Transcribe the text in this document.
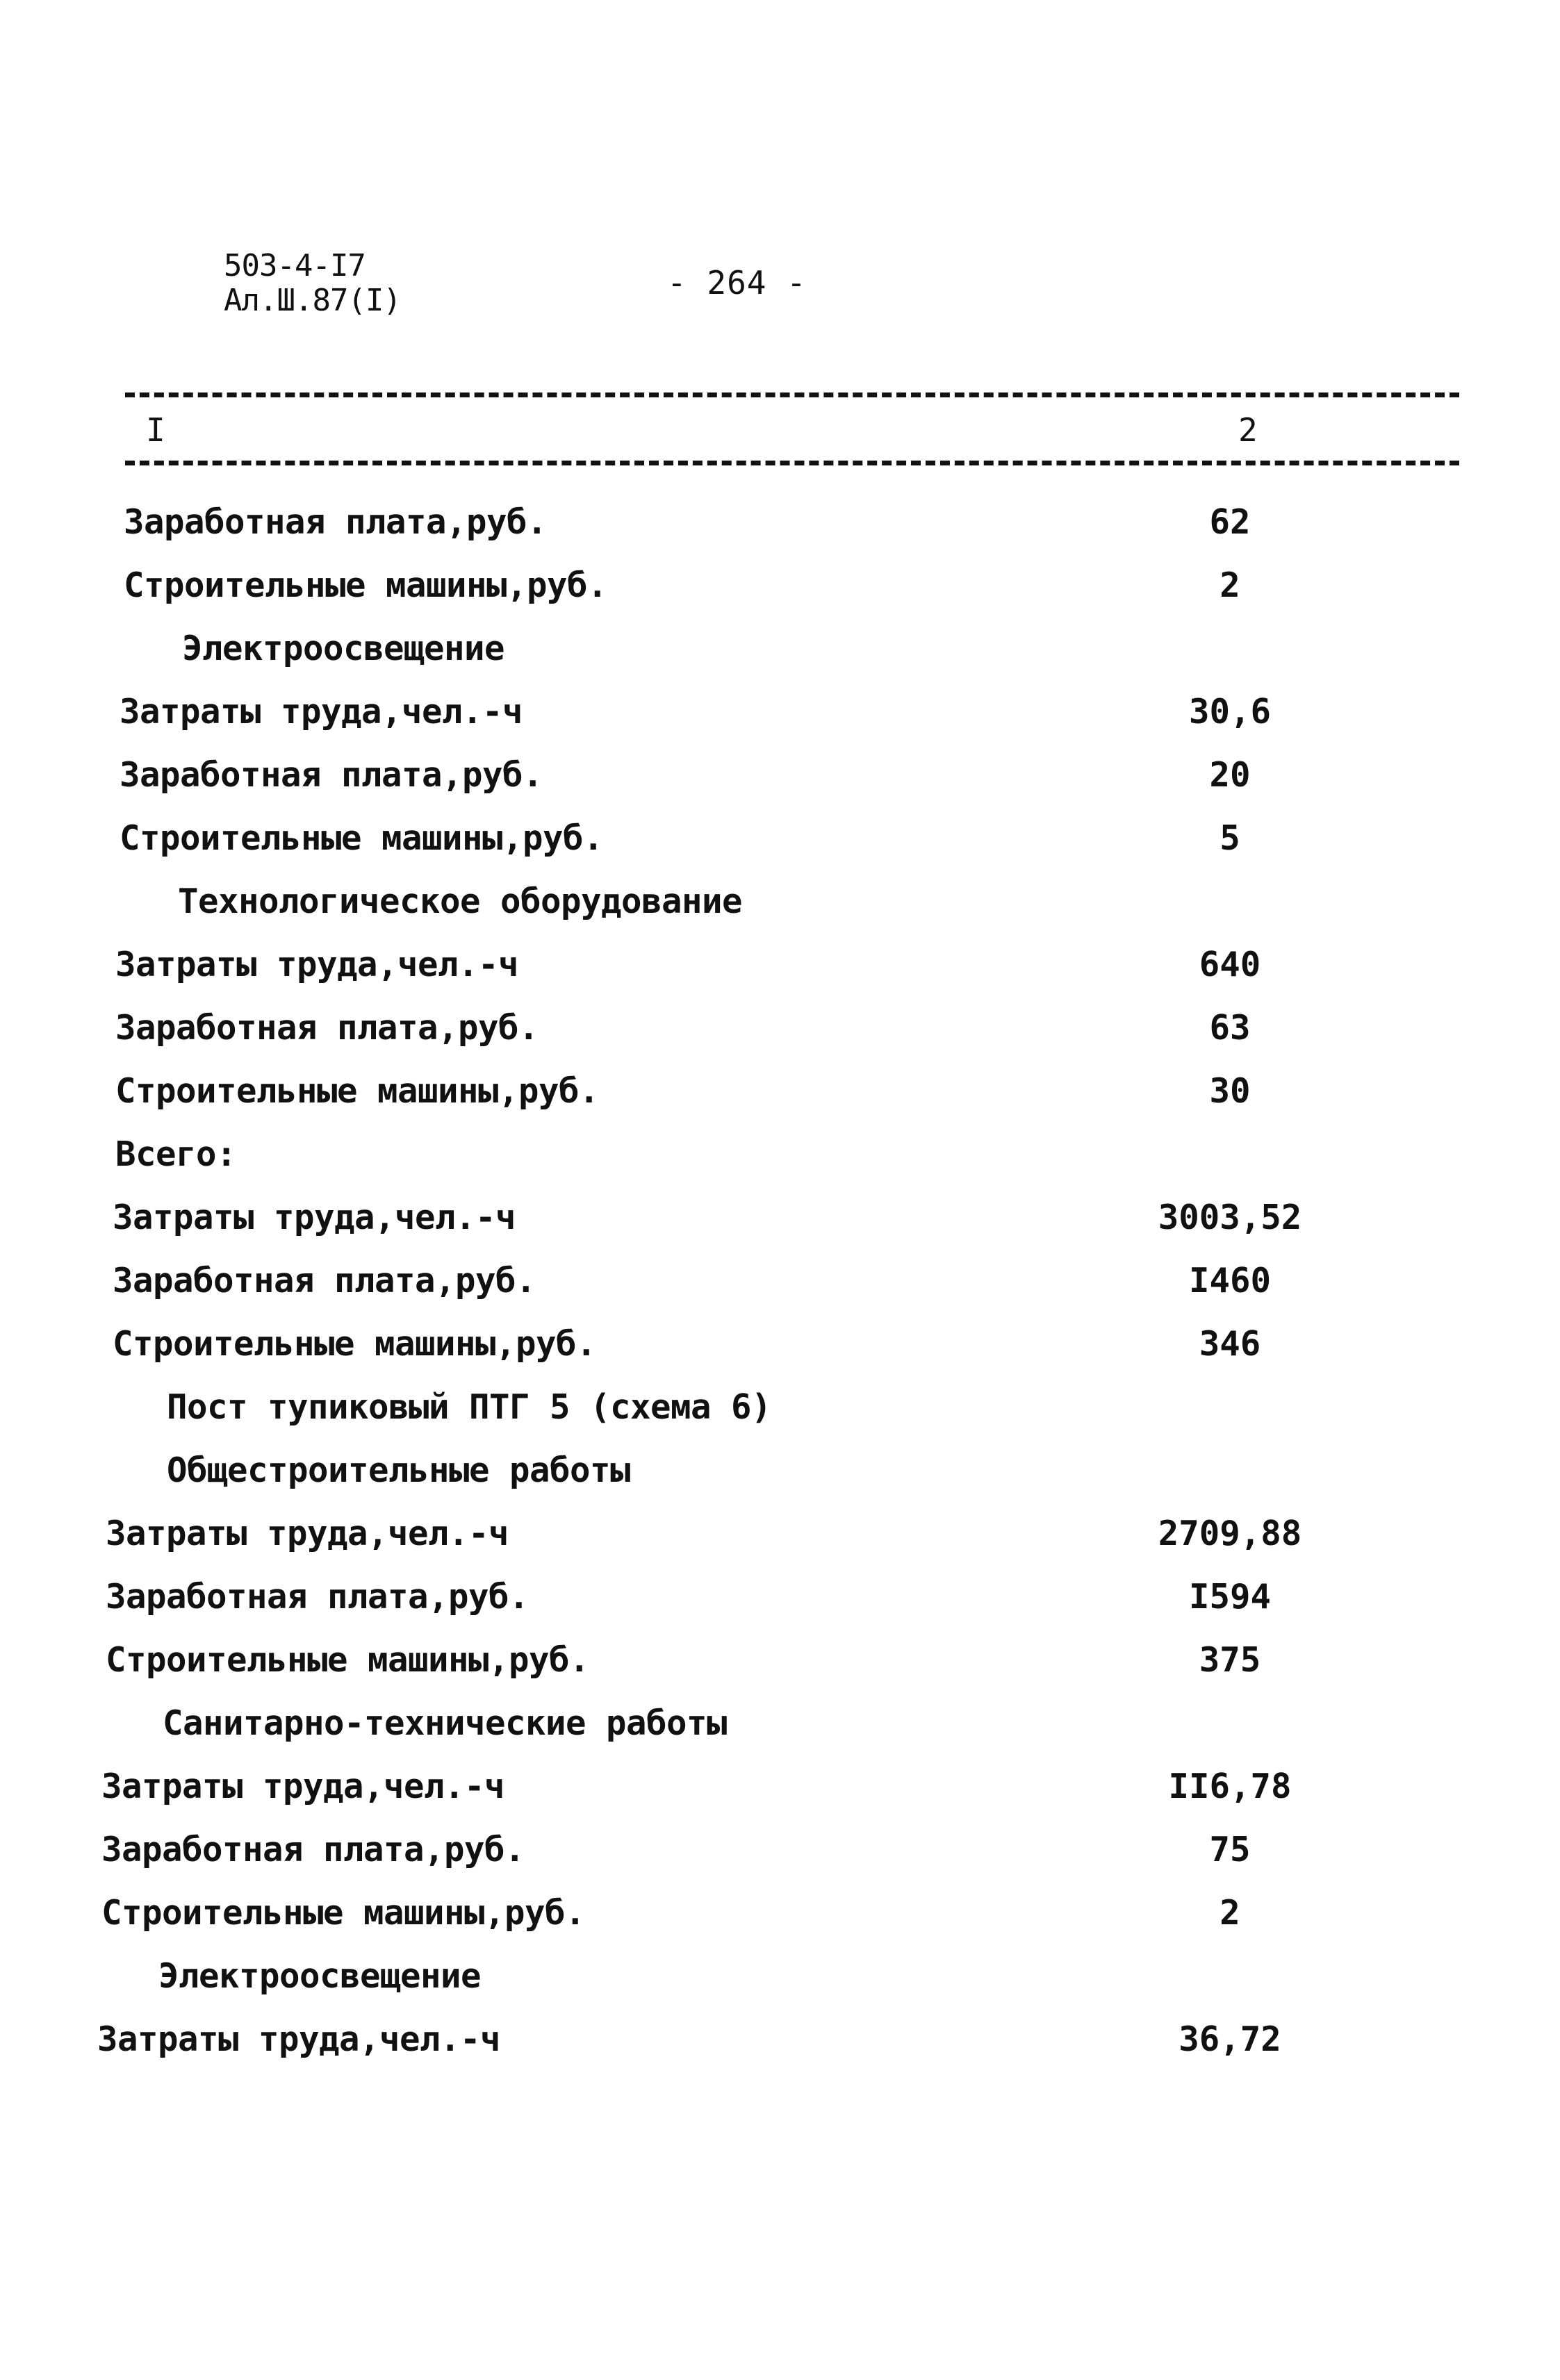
503-4-I7
Ал.Ш.87(I)	- 264 -
I	2
Заработная плата,руб.	62
Строительные машины,руб.	2
Электроосвещение
Затраты труда,чел.-ч	30,6
Заработная плата,руб.	20
Строительные машины,руб.	5
Технологическое оборудование
Затраты труда,чел.-ч	640
Заработная плата,руб.	63
Строительные машины,руб.	30
Всего:
Затраты труда,чел.-ч	3003,52
Заработная плата,руб.	I460
Строительные машины,руб.	346
Пост тупиковый ПТГ 5 (схема 6)
Общестроительные работы
Затраты труда,чел.-ч	2709,88
Заработная плата,руб.	I594
Строительные машины,руб.	375
Санитарно-технические работы
Затраты труда,чел.-ч	II6,78
Заработная плата,руб.	75
Строительные машины,руб.	2
Электроосвещение
Затраты труда,чел.-ч	36,72
